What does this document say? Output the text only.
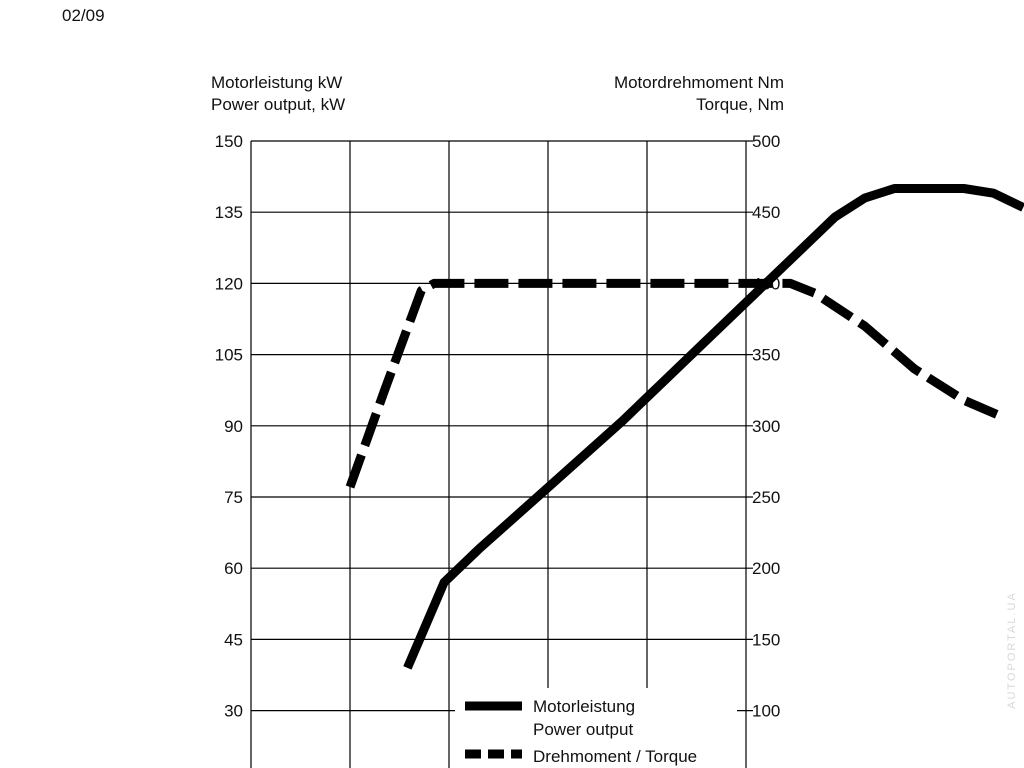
02/09
Motorleistung kW
Power output, kW
Motordrehmoment Nm
Torque, Nm
150
135
120
105
90
75
60
45
30
500
450
400
350
300
250
200
150
100
Motorleistung
Power output
Drehmoment / Torque
AUTOPORTAL.UA
